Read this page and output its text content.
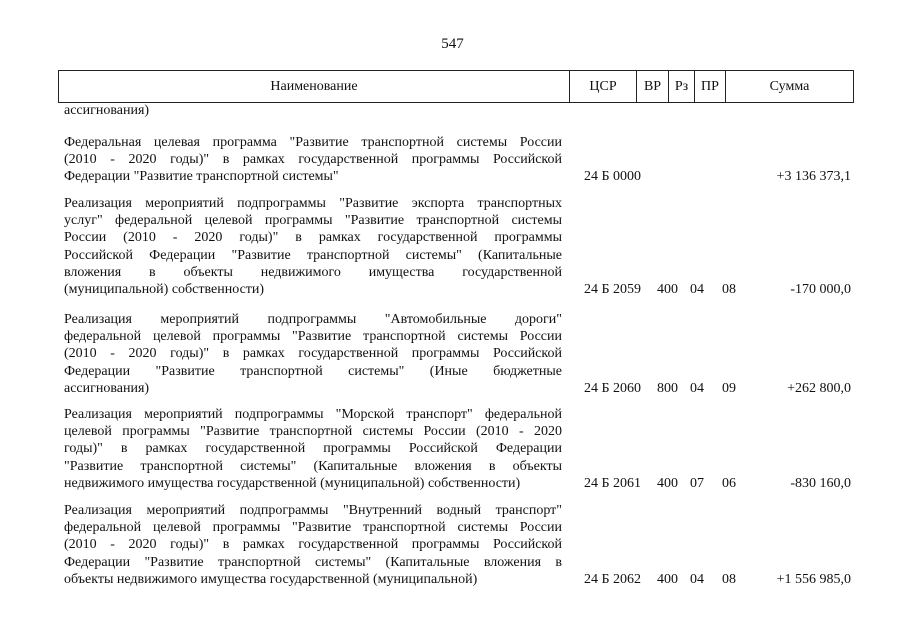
547
Наименование	ЦСР	ВР Рз ПР	Сумма
ассигнования)
Федеральная целевая программа "Развитие транспортной системы России
(2010 - 2020 годы)" в рамках государственной программы Российской
Федерации "Развитие транспортной системы"	24 Б 0000	+3 136 373,1
Реализация мероприятий подпрограммы "Развитие экспорта транспортных
услуг" федеральной целевой программы "Развитие транспортной системы
России (2010 - 2020 годы)" в рамках государственной программы
Российской Федерации "Развитие транспортной системы" (Капитальные
вложения в объекты недвижимого имущества государственной
(муниципальной) собственности)	24 Б 2059 400 04 08	-170 000,0
Реализация мероприятий подпрограммы "Автомобильные дороги"
федеральной целевой программы "Развитие транспортной системы России
(2010 - 2020 годы)" в рамках государственной программы Российской
Федерации "Развитие транспортной системы" (Иные бюджетные
ассигнования)	24 Б 2060 800 04 09	+262 800,0
Реализация мероприятий подпрограммы "Морской транспорт" федеральной
целевой программы "Развитие транспортной системы России (2010 - 2020
годы)" в рамках государственной программы Российской Федерации
"Развитие транспортной системы" (Капитальные вложения в объекты
недвижимого имущества государственной (муниципальной) собственности)	24 Б 2061 400 07 06	-830 160,0
Реализация мероприятий подпрограммы "Внутренний водный транспорт"
федеральной целевой программы "Развитие транспортной системы России
(2010 - 2020 годы)" в рамках государственной программы Российской
Федерации "Развитие транспортной системы" (Капитальные вложения в
объекты недвижимого имущества государственной (муниципальной)	24 Б 2062 400 04 08	+1 556 985,0
